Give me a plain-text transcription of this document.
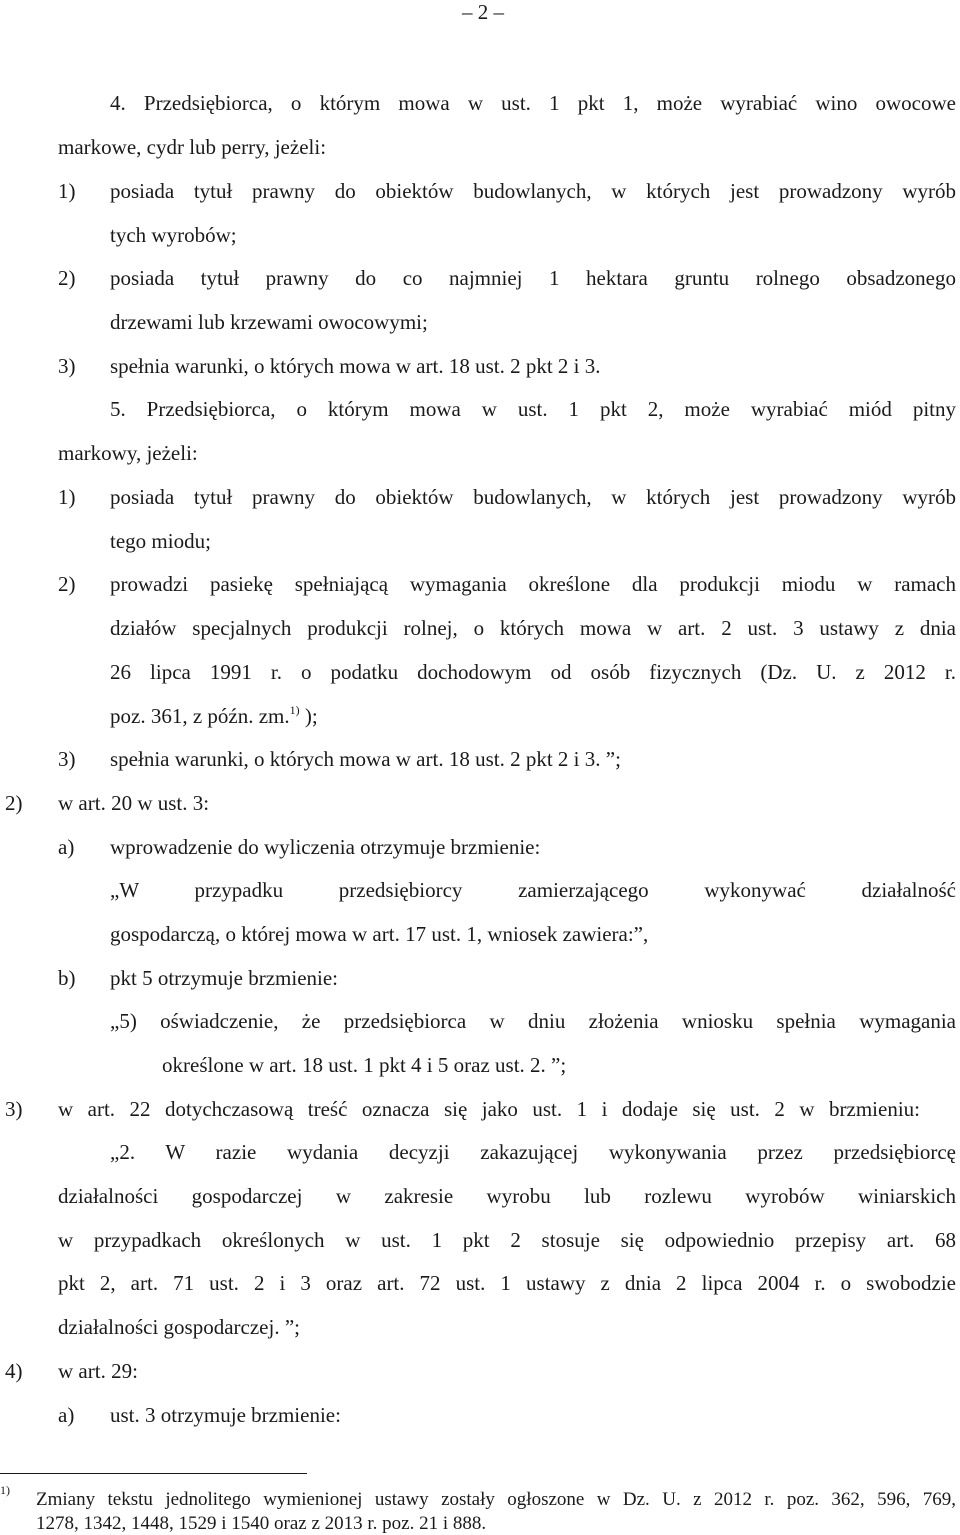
– 2 –
4. Przedsiębiorca, o którym mowa w ust. 1 pkt 1, może wyrabiać wino owocowe
markowe, cydr lub perry, jeżeli:
1) posiada tytuł prawny do obiektów budowlanych, w których jest prowadzony wyrób
tych wyrobów;
2) posiada tytuł prawny do co najmniej 1 hektara gruntu rolnego obsadzonego
drzewami lub krzewami owocowymi;
3) spełnia warunki, o których mowa w art. 18 ust. 2 pkt 2 i 3.
5. Przedsiębiorca, o którym mowa w ust. 1 pkt 2, może wyrabiać miód pitny
markowy, jeżeli:
1) posiada tytuł prawny do obiektów budowlanych, w których jest prowadzony wyrób
tego miodu;
2) prowadzi pasiekę spełniającą wymagania określone dla produkcji miodu w ramach
działów specjalnych produkcji rolnej, o których mowa w art. 2 ust. 3 ustawy z dnia
26 lipca 1991 r. o podatku dochodowym od osób fizycznych (Dz. U. z 2012 r.
poz. 361, z późn. zm.$^{1)}$ );
3) spełnia warunki, o których mowa w art. 18 ust. 2 pkt 2 i 3. ”;
2) w art. 20 w ust. 3:
a) wprowadzenie do wyliczenia otrzymuje brzmienie:
„W przypadku przedsiębiorcy zamierzającego wykonywać działalność
gospodarczą, o której mowa w art. 17 ust. 1, wniosek zawiera:”,
b) pkt 5 otrzymuje brzmienie:
„5) oświadczenie, że przedsiębiorca w dniu złożenia wniosku spełnia wymagania
określone w art. 18 ust. 1 pkt 4 i 5 oraz ust. 2. ”;
3) w art. 22 dotychczasową treść oznacza się jako ust. 1 i dodaje się ust. 2 w brzmieniu:
„2. W razie wydania decyzji zakazującej wykonywania przez przedsiębiorcę
działalności gospodarczej w zakresie wyrobu lub rozlewu wyrobów winiarskich
w przypadkach określonych w ust. 1 pkt 2 stosuje się odpowiednio przepisy art. 68
pkt 2, art. 71 ust. 2 i 3 oraz art. 72 ust. 1 ustawy z dnia 2 lipca 2004 r. o swobodzie
działalności gospodarczej. ”;
4) w art. 29:
a) ust. 3 otrzymuje brzmienie:
1) Zmiany tekstu jednolitego wymienionej ustawy zostały ogłoszone w Dz. U. z 2012 r. poz. 362, 596, 769,
1278, 1342, 1448, 1529 i 1540 oraz z 2013 r. poz. 21 i 888.
